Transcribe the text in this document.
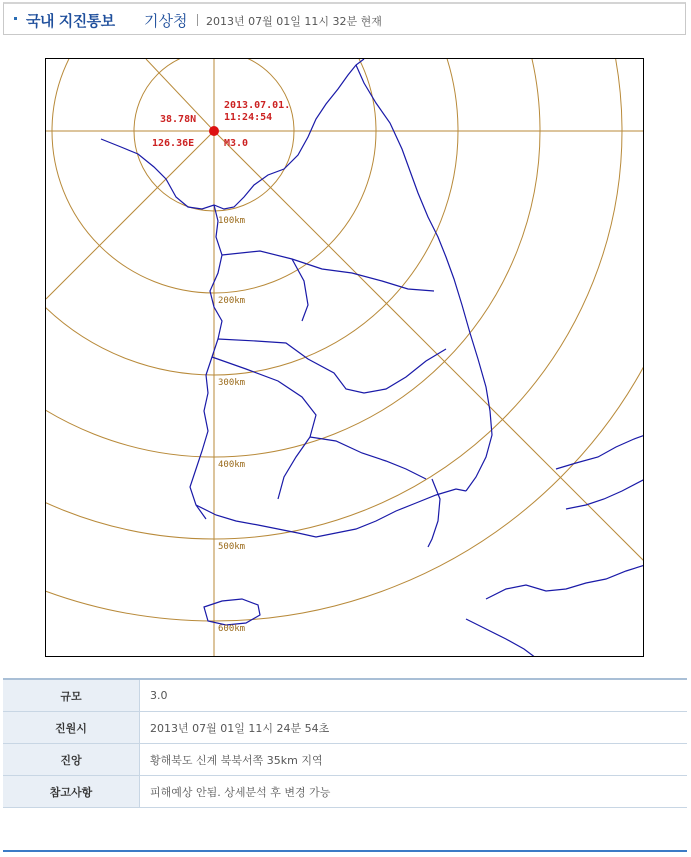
국내 지진통보 기상청 2013년 07월 01일 11시 32분 현재
100km
200km
300km
400km
500km
600km
38.78N
126.36E
2013.07.01.
11:24:54
M3.0
규모	3.0
진원시	2013년 07월 01일 11시 24분 54초
진앙	황해북도 신계 북북서쪽 35km 지역
참고사항	피해예상 안됨. 상세분석 후 변경 가능
